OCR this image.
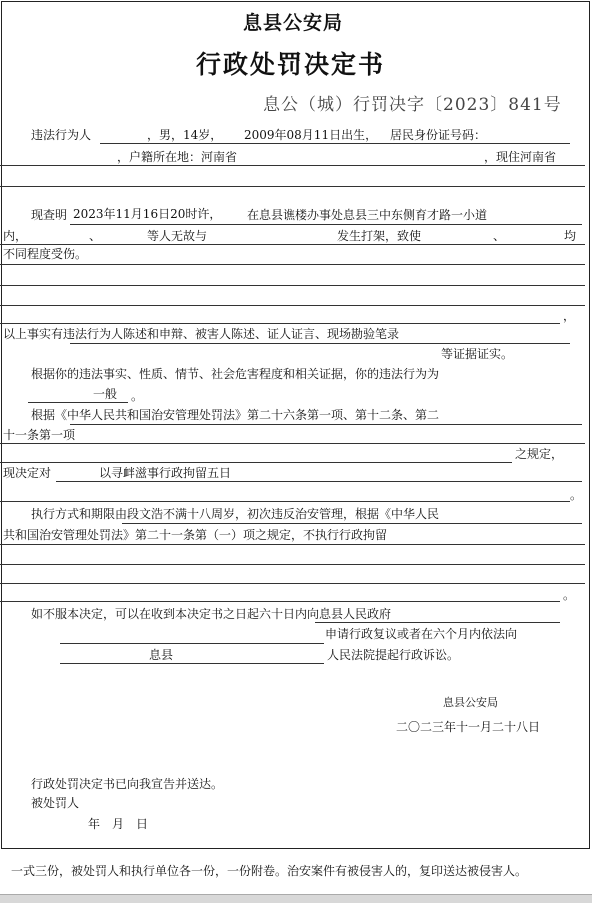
息县公安局
行政处罚决定书
息公（城）行罚决字〔2023〕841号
违法行为人	，男，14岁， 2009年08月11日出生， 居民身份证号码：
，户籍所在地：河南省	，现住河南省
现查明 2023年11月16日20时许， 在息县谯楼办事处息县三中东侧育才路一小道
内，	、	等人无故与	发生打架，致使	、	均
不同程度受伤。
，
以上事实有违法行为人陈述和申辩、被害人陈述、证人证言、现场勘验笔录
等证据证实。
根据你的违法事实、性质、情节、社会危害程度和相关证据，你的违法行为为
一般 。
根据《中华人民共和国治安管理处罚法》第二十六条第一项、第十二条、第二
十一条第一项
之规定，
现决定对	以寻衅滋事行政拘留五日
。
执行方式和期限由段文浩不满十八周岁，初次违反治安管理，根据《中华人民
共和国治安管理处罚法》第二十一条第（一）项之规定，不执行行政拘留
。
如不服本决定，可以在收到本决定书之日起六十日内向息县人民政府
申请行政复议或者在六个月内依法向
息县	人民法院提起行政诉讼。
息县公安局
二〇二三年十一月二十八日
行政处罚决定书已向我宣告并送达。
被处罚人
年　月　日
一式三份，被处罚人和执行单位各一份，一份附卷。治安案件有被侵害人的，复印送达被侵害人。
